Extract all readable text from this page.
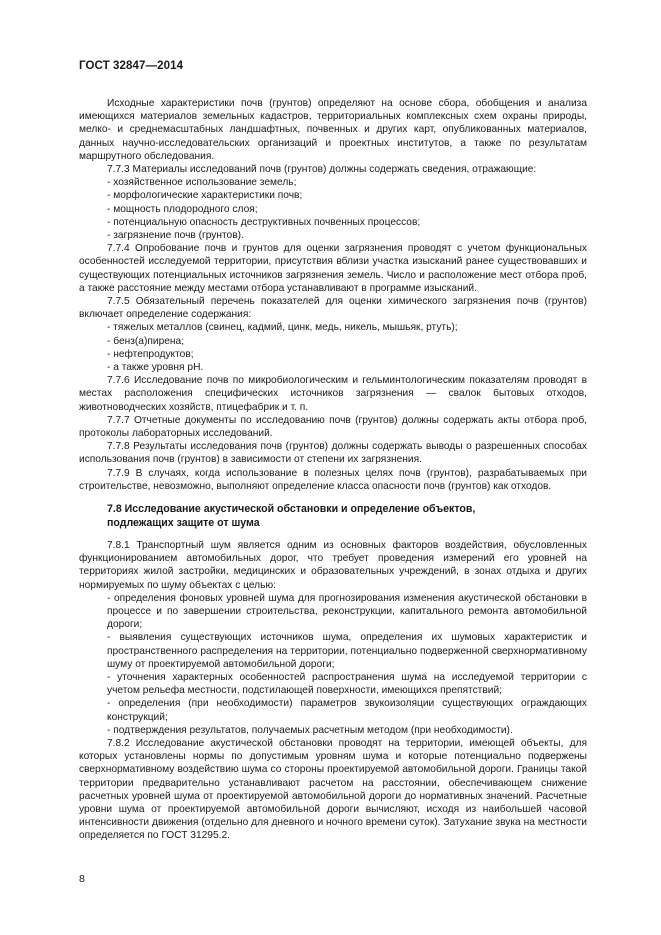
ГОСТ 32847—2014

Исходные характеристики почв (грунтов) определяют на основе сбора, обобщения и анализа имеющихся материалов земельных кадастров, территориальных комплексных схем охраны природы, мелко- и среднемасштабных ландшафтных, почвенных и других карт, опубликованных материалов, данных научно-исследовательских организаций и проектных институтов, а также по результатам маршрутного обследования.

7.7.3 Материалы исследований почв (грунтов) должны содержать сведения, отражающие:

- хозяйственное использование земель;

- морфологические характеристики почв;

- мощность плодородного слоя;

- потенциальную опасность деструктивных почвенных процессов;

- загрязнение почв (грунтов).

7.7.4 Опробование почв и грунтов для оценки загрязнения проводят с учетом функциональных особенностей исследуемой территории, присутствия вблизи участка изысканий ранее существовавших и существующих потенциальных источников загрязнения земель. Число и расположение мест отбора проб, а также расстояние между местами отбора устанавливают в программе изысканий.

7.7.5 Обязательный перечень показателей для оценки химического загрязнения почв (грунтов) включает определение содержания:

- тяжелых металлов (свинец, кадмий, цинк, медь, никель, мышьяк, ртуть);

- бенз(а)пирена;

- нефтепродуктов;

- а также уровня pH.

7.7.6 Исследование почв по микробиологическим и гельминтологическим показателям проводят в местах расположения специфических источников загрязнения — свалок бытовых отходов, животноводческих хозяйств, птицефабрик и т. п.

7.7.7 Отчетные документы по исследованию почв (грунтов) должны содержать акты отбора проб, протоколы лабораторных исследований.

7.7.8 Результаты исследования почв (грунтов) должны содержать выводы о разрешенных способах использования почв (грунтов) в зависимости от степени их загрязнения.

7.7.9 В случаях, когда использование в полезных целях почв (грунтов), разрабатываемых при строительстве, невозможно, выполняют определение класса опасности почв (грунтов) как отходов.

7.8 Исследование акустической обстановки и определение объектов,
подлежащих защите от шума

7.8.1 Транспортный шум является одним из основных факторов воздействия, обусловленных функционированием автомобильных дорог, что требует проведения измерений его уровней на территориях жилой застройки, медицинских и образовательных учреждений, в зонах отдыха и других нормируемых по шуму объектах с целью:

- определения фоновых уровней шума для прогнозирования изменения акустической обстановки в процессе и по завершении строительства, реконструкции, капитального ремонта автомобильной дороги;

- выявления существующих источников шума, определения их шумовых характеристик и пространственного распределения на территории, потенциально подверженной сверхнормативному шуму от проектируемой автомобильной дороги;

- уточнения характерных особенностей распространения шума на исследуемой территории с учетом рельефа местности, подстилающей поверхности, имеющихся препятствий;

- определения (при необходимости) параметров звукоизоляции существующих ограждающих конструкций;

- подтверждения результатов, получаемых расчетным методом (при необходимости).

7.8.2 Исследование акустической обстановки проводят на территории, имеющей объекты, для которых установлены нормы по допустимым уровням шума и которые потенциально подвержены сверхнормативному воздействию шума со стороны проектируемой автомобильной дороги. Границы такой территории предварительно устанавливают расчетом на расстоянии, обеспечивающем снижение расчетных уровней шума от проектируемой автомобильной дороги до нормативных значений. Расчетные уровни шума от проектируемой автомобильной дороги вычисляют, исходя из наибольшей часовой интенсивности движения (отдельно для дневного и ночного времени суток). Затухание звука на местности определяется по ГОСТ 31295.2.

8
